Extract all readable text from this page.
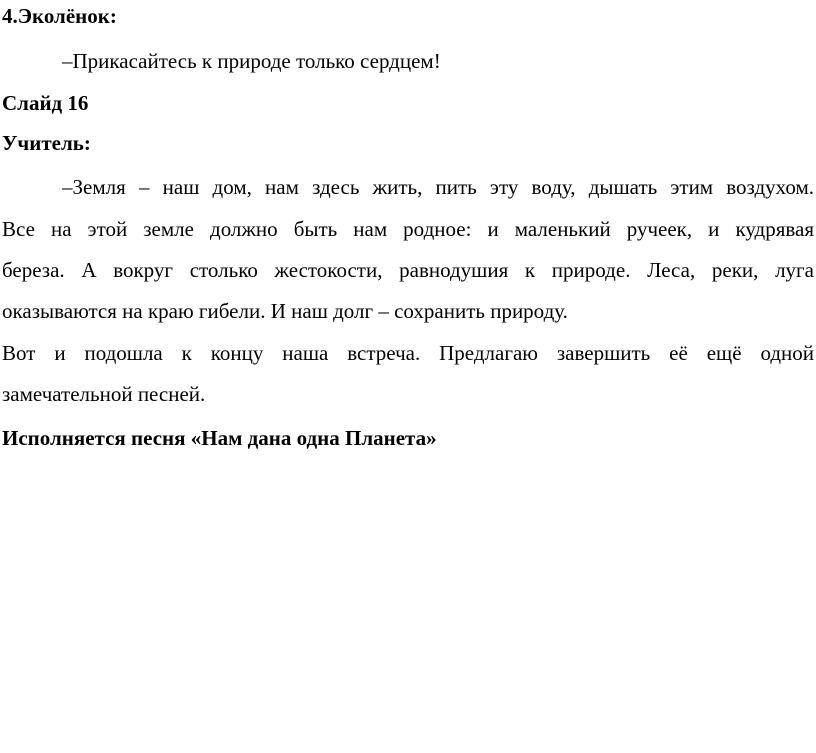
4.Эколёнок:
–Прикасайтесь к природе только сердцем!
Слайд 16
Учитель:
–Земля – наш дом, нам здесь жить, пить эту воду, дышать этим воздухом.
Все на этой земле должно быть нам родное: и маленький ручеек, и кудрявая
береза. А вокруг столько жестокости, равнодушия к природе. Леса, реки, луга
оказываются на краю гибели. И наш долг – сохранить природу.
Вот и подошла к концу наша встреча. Предлагаю завершить её ещё одной
замечательной песней.
Исполняется песня «Нам дана одна Планета»
